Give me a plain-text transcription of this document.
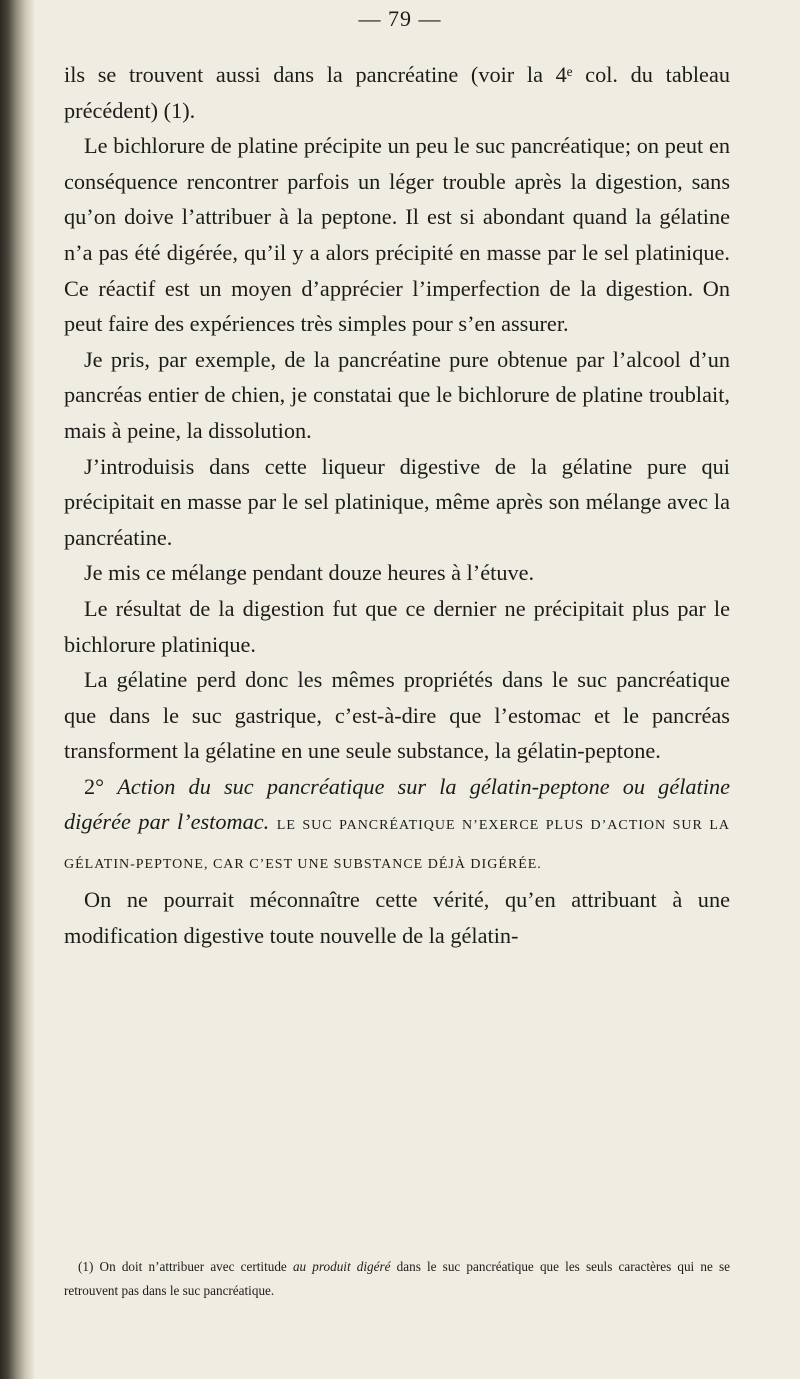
— 79 —

ils se trouvent aussi dans la pancréatine (voir la 4ᵉ col. du tableau précédent) (1).

Le bichlorure de platine précipite un peu le suc pancréatique; on peut en conséquence rencontrer parfois un léger trouble après la digestion, sans qu’on doive l’attribuer à la peptone. Il est si abondant quand la gélatine n’a pas été digérée, qu’il y a alors précipité en masse par le sel platinique. Ce réactif est un moyen d’apprécier l’imperfection de la digestion. On peut faire des expériences très simples pour s’en assurer.

Je pris, par exemple, de la pancréatine pure obtenue par l’alcool d’un pancréas entier de chien, je constatai que le bichlorure de platine troublait, mais à peine, la dissolution.

J’introduisis dans cette liqueur digestive de la gélatine pure qui précipitait en masse par le sel platinique, même après son mélange avec la pancréatine.

Je mis ce mélange pendant douze heures à l’étuve.

Le résultat de la digestion fut que ce dernier ne précipitait plus par le bichlorure platinique.

La gélatine perd donc les mêmes propriétés dans le suc pancréatique que dans le suc gastrique, c’est-à-dire que l’estomac et le pancréas transforment la gélatine en une seule substance, la gélatin-peptone.

2° Action du suc pancréatique sur la gélatin-peptone ou gélatine digérée par l’estomac. LE SUC PANCRÉATIQUE N’EXERCE PLUS D’ACTION SUR LA GÉLATIN-PEPTONE, CAR C’EST UNE SUBSTANCE DÉJÀ DIGÉRÉE.

On ne pourrait méconnaître cette vérité, qu’en attribuant à une modification digestive toute nouvelle de la gélatin-

(1) On doit n’attribuer avec certitude au produit digéré dans le suc pancréatique que les seuls caractères qui ne se retrouvent pas dans le suc pancréatique.
